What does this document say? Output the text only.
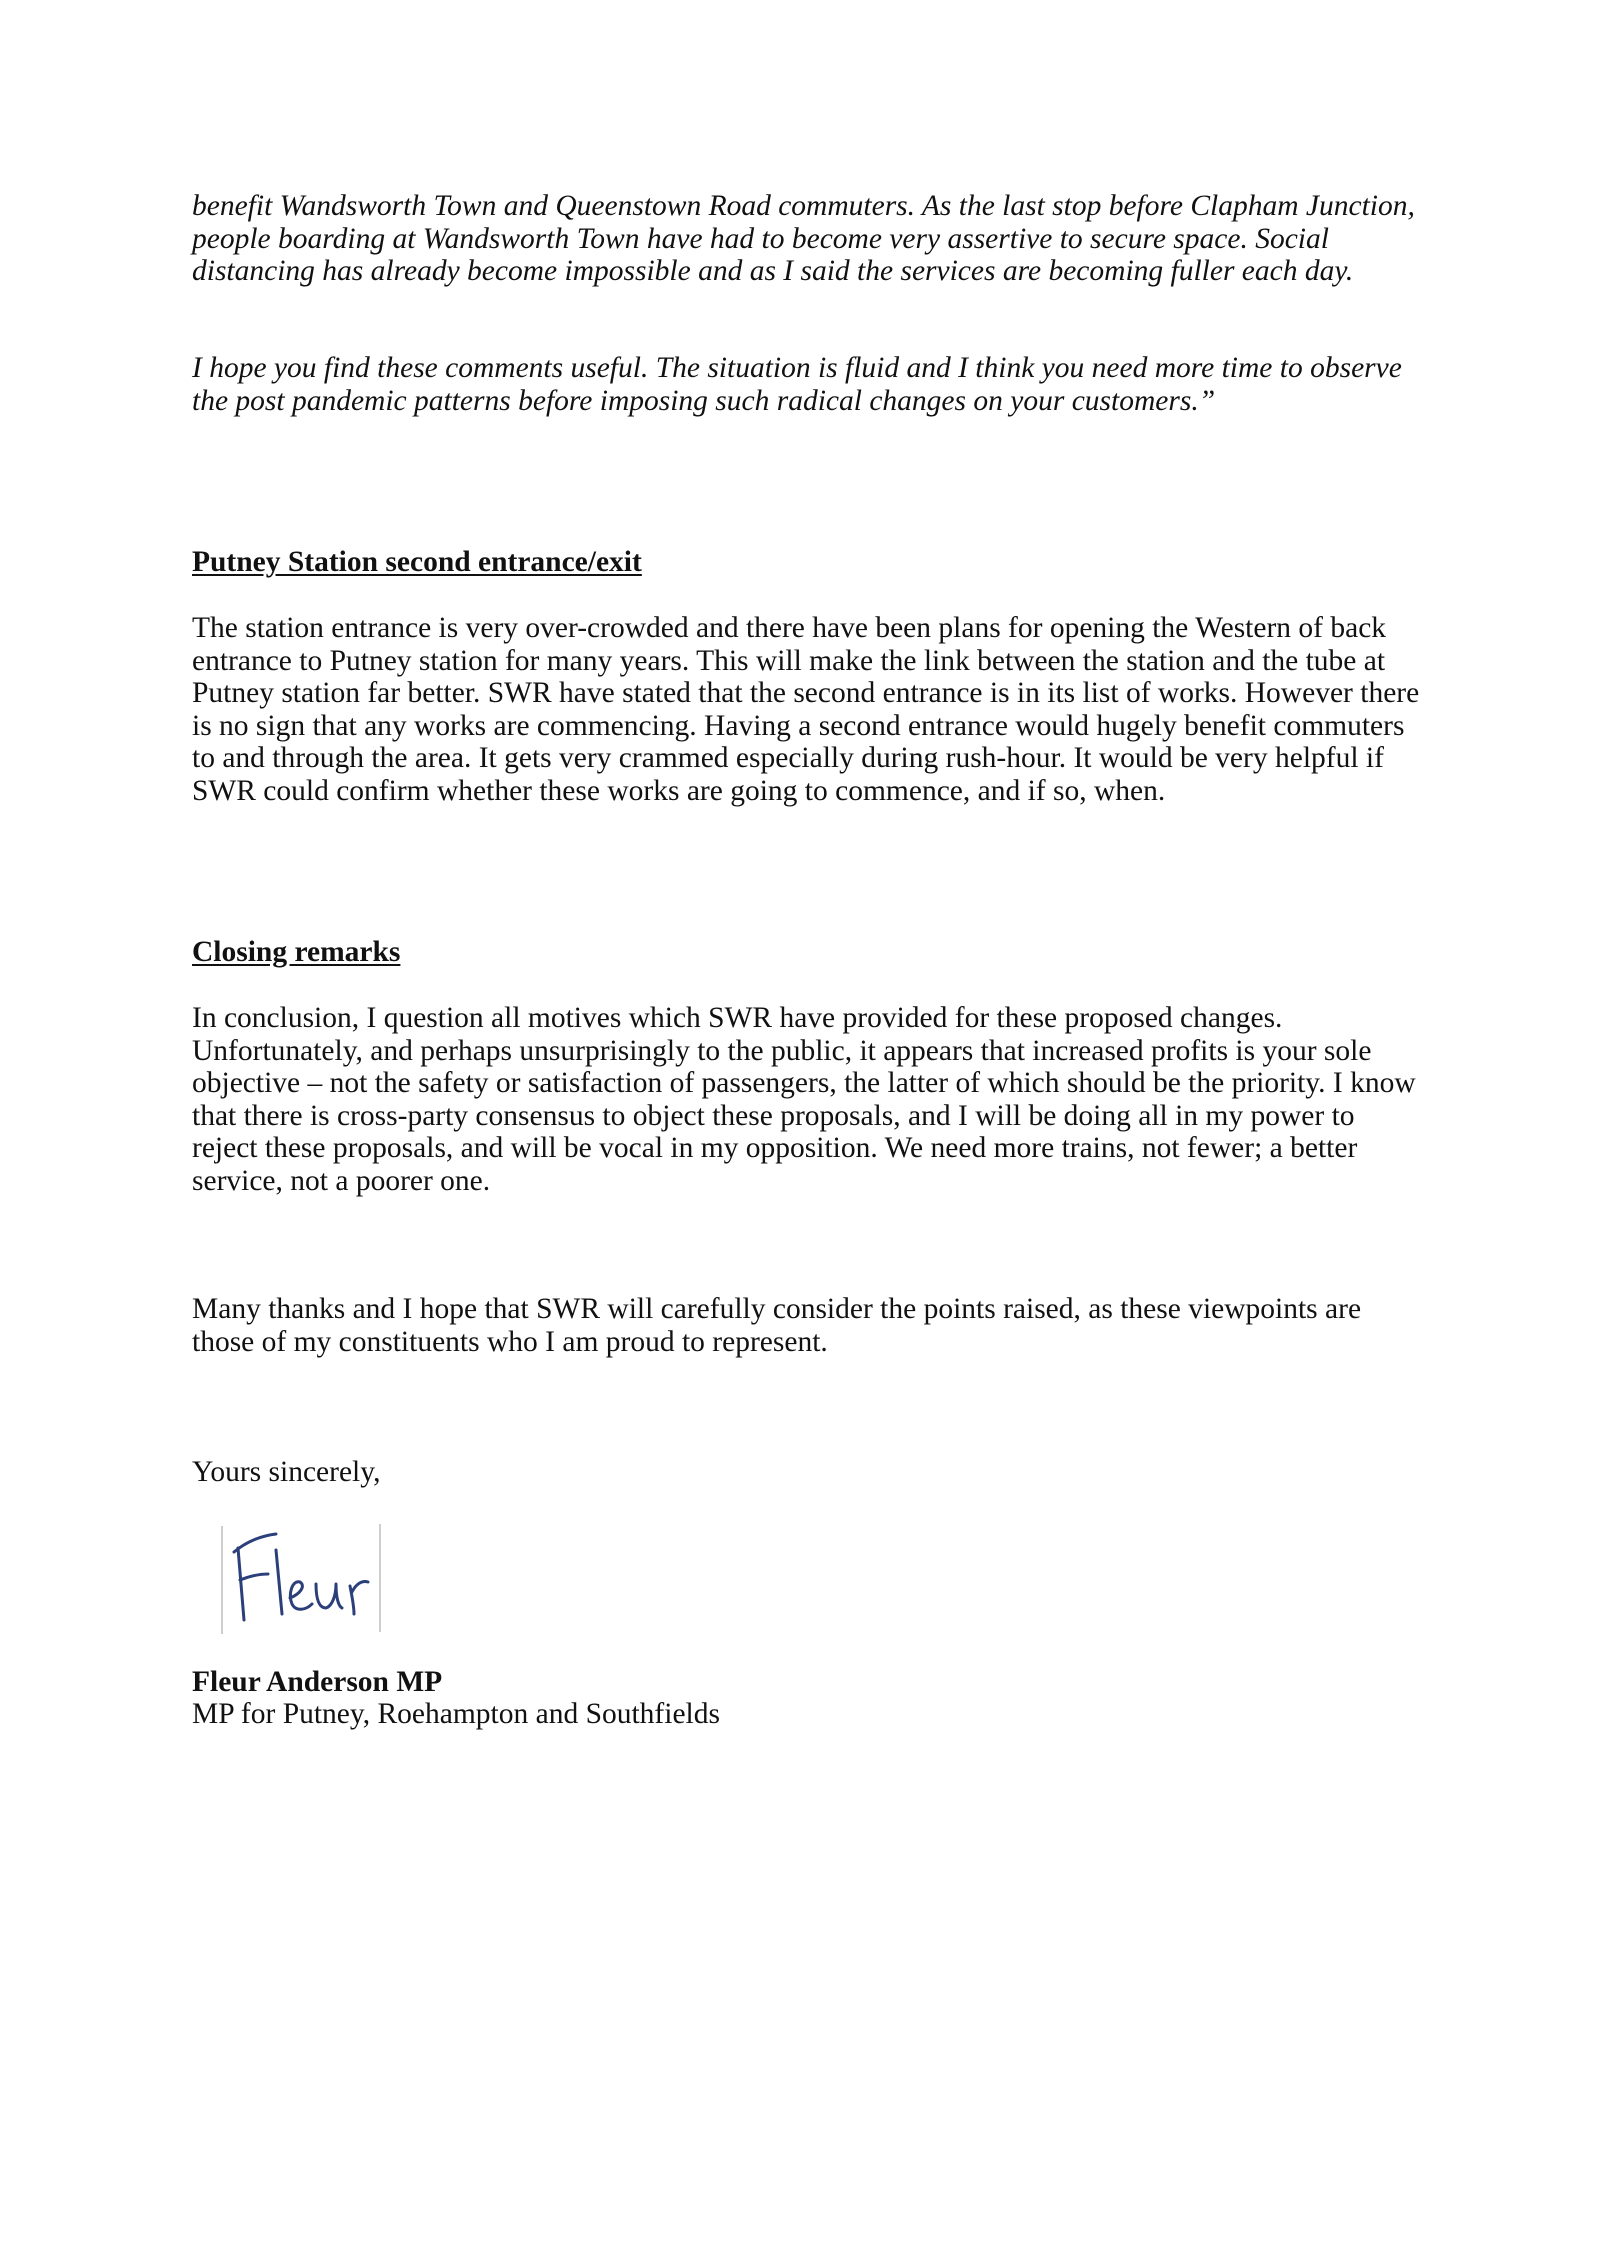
benefit Wandsworth Town and Queenstown Road commuters. As the last stop before Clapham Junction, people boarding at Wandsworth Town have had to become very assertive to secure space. Social distancing has already become impossible and as I said the services are becoming fuller each day.

I hope you find these comments useful. The situation is fluid and I think you need more time to observe the post pandemic patterns before imposing such radical changes on your customers.”

Putney Station second entrance/exit

The station entrance is very over-crowded and there have been plans for opening the Western of back entrance to Putney station for many years. This will make the link between the station and the tube at Putney station far better. SWR have stated that the second entrance is in its list of works. However there is no sign that any works are commencing. Having a second entrance would hugely benefit commuters to and through the area. It gets very crammed especially during rush-hour. It would be very helpful if SWR could confirm whether these works are going to commence, and if so, when.

Closing remarks

In conclusion, I question all motives which SWR have provided for these proposed changes. Unfortunately, and perhaps unsurprisingly to the public, it appears that increased profits is your sole objective – not the safety or satisfaction of passengers, the latter of which should be the priority. I know that there is cross-party consensus to object these proposals, and I will be doing all in my power to reject these proposals, and will be vocal in my opposition. We need more trains, not fewer; a better service, not a poorer one.

Many thanks and I hope that SWR will carefully consider the points raised, as these viewpoints are those of my constituents who I am proud to represent.

Yours sincerely,

Fleur Anderson MP

MP for Putney, Roehampton and Southfields
